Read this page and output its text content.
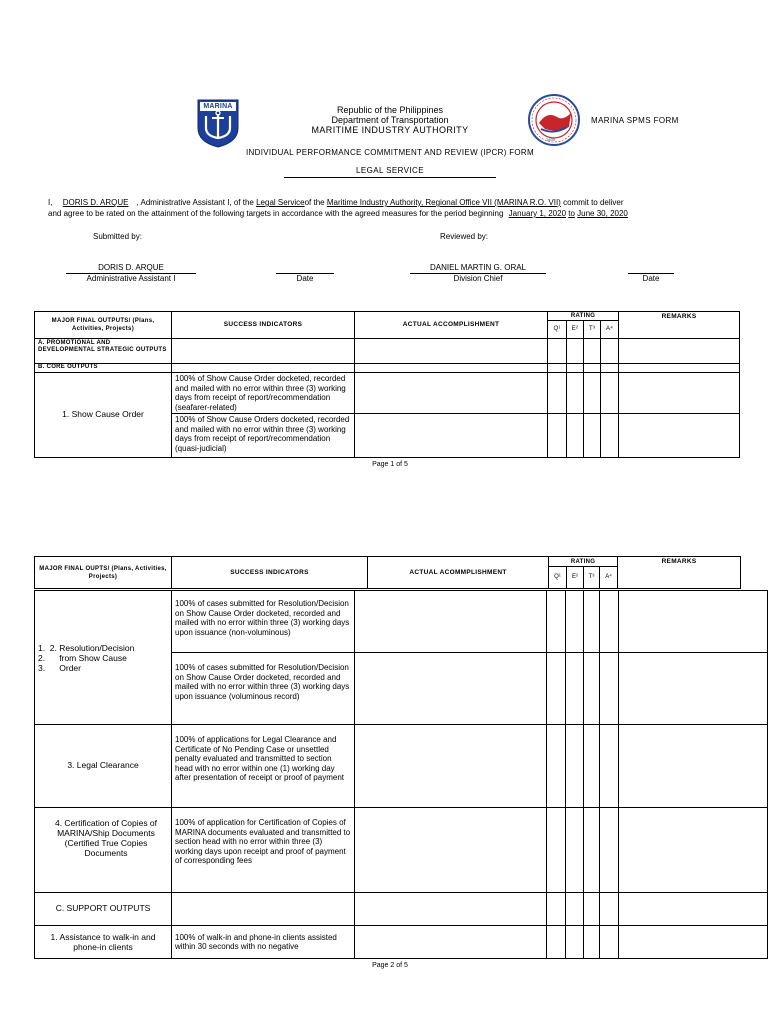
MARINA	Republic of the Philippines
Department of Transportation
MARITIME INDUSTRY AUTHORITY
1899
MARINA SPMS FORM
INDIVIDUAL PERFORMANCE COMMITMENT AND REVIEW (IPCR) FORM
LEGAL SERVICE
I, DORIS D. ARQUE , Administrative Assistant I, of the Legal Serviceof the Maritime Industry Authority, Regional Office VII (MARINA R.O. VII) commit to deliver
and agree to be rated on the attainment of the following targets in accordance with the agreed measures for the period beginning January 1, 2020 to June 30, 2020
Submitted by:	Reviewed by:
DORIS D. ARQUE
Administrative Assistant I	Date
DANIEL MARTIN G. ORAL
Division Chief	Date
MAJOR FINAL OUTPUTS/ (Plans, Activities, Projects)	SUCCESS INDICATORS	ACTUAL ACCOMPLISHMENT	RATING				REMARKS
			Q¹	E²	T³	A⁴	
A. PROMOTIONAL AND DEVELOPMENTAL STRATEGIC OUTPUTS							
B. CORE OUTPUTS							
1. Show Cause Order	100% of Show Cause Order docketed, recorded and mailed with no error within three (3) working days from receipt of report/recommendation (seafarer-related)						
	100% of Show Cause Orders docketed, recorded and mailed with no error within three (3) working days from receipt of report/recommendation (quasi-judicial)						
Page 1 of 5
MAJOR FINAL OUPTS/ (Plans, Activities, Projects)	SUCCESS INDICATORS	ACTUAL ACOMMPLISHMENT	RATING				REMARKS
			Q¹	E²	T³	A⁴	
1.  2. Resolution/Decision
2.      from Show Cause
3.      Order	100% of cases submitted for Resolution/Decision on Show Cause Order docketed, recorded and mailed with no error within three (3) working days upon issuance (non-voluminous)						
	100% of cases submitted for Resolution/Decision on Show Cause Order docketed, recorded and mailed with no error within three (3) working days upon issuance (voluminous record)						
3. Legal Clearance	100% of applications for Legal Clearance and Certificate of No Pending Case or unsettled penalty evaluated and transmitted to section head with no error within one (1) working day after presentation of receipt or proof of payment						
4. Certification of Copies of MARINA/Ship Documents (Certified True Copies Documents	100% of application for Certification of Copies of MARINA documents evaluated and transmitted to section head with no error within three (3) working days upon receipt and proof of payment of corresponding fees						
C. SUPPORT OUTPUTS							
1. Assistance to walk-in and phone-in clients	100% of walk-in and phone-in clients assisted within 30 seconds with no negative						
Page 2 of 5
